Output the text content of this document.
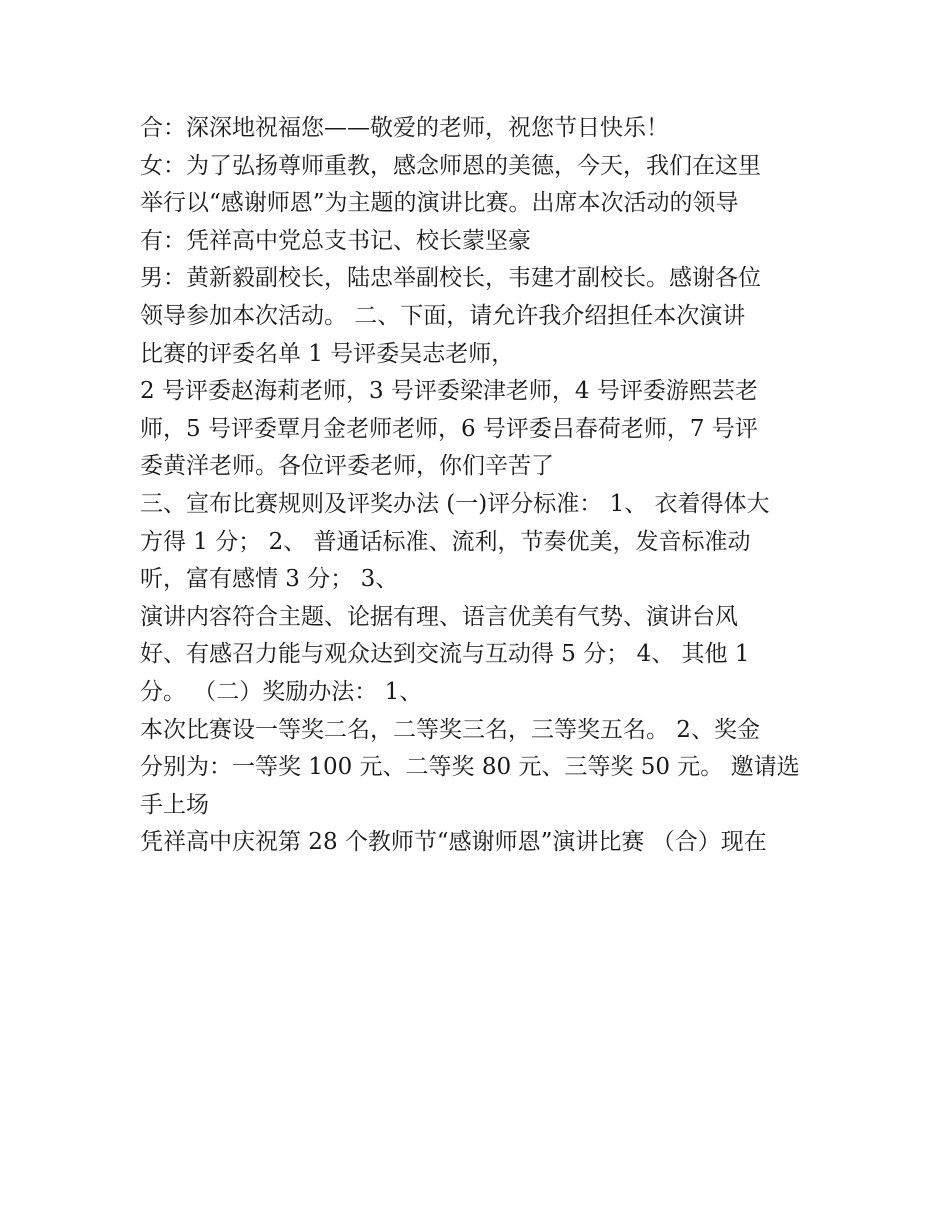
合：深深地祝福您——敬爱的老师，祝您节日快乐！
女：为了弘扬尊师重教，感念师恩的美德，今天，我们在这里
举行以“感谢师恩”为主题的演讲比赛。出席本次活动的领导
有：凭祥高中党总支书记、校长蒙坚豪
男：黄新毅副校长，陆忠举副校长，韦建才副校长。感谢各位
领导参加本次活动。 二、下面，请允许我介绍担任本次演讲
比赛的评委名单 1 号评委吴志老师，
2 号评委赵海莉老师，3 号评委梁津老师，4 号评委游熙芸老
师，5 号评委覃月金老师老师，6 号评委吕春荷老师，7 号评
委黄洋老师。各位评委老师，你们辛苦了
三、宣布比赛规则及评奖办法 (一)评分标准： 1、 衣着得体大
方得 1 分； 2、 普通话标准、流利，节奏优美，发音标准动
听，富有感情 3 分； 3、
演讲内容符合主题、论据有理、语言优美有气势、演讲台风
好、有感召力能与观众达到交流与互动得 5 分； 4、 其他 1
分。 （二）奖励办法： 1、
本次比赛设一等奖二名，二等奖三名，三等奖五名。 2、奖金
分别为：一等奖 100 元、二等奖 80 元、三等奖 50 元。 邀请选
手上场
凭祥高中庆祝第 28 个教师节“感谢师恩”演讲比赛 （合）现在
